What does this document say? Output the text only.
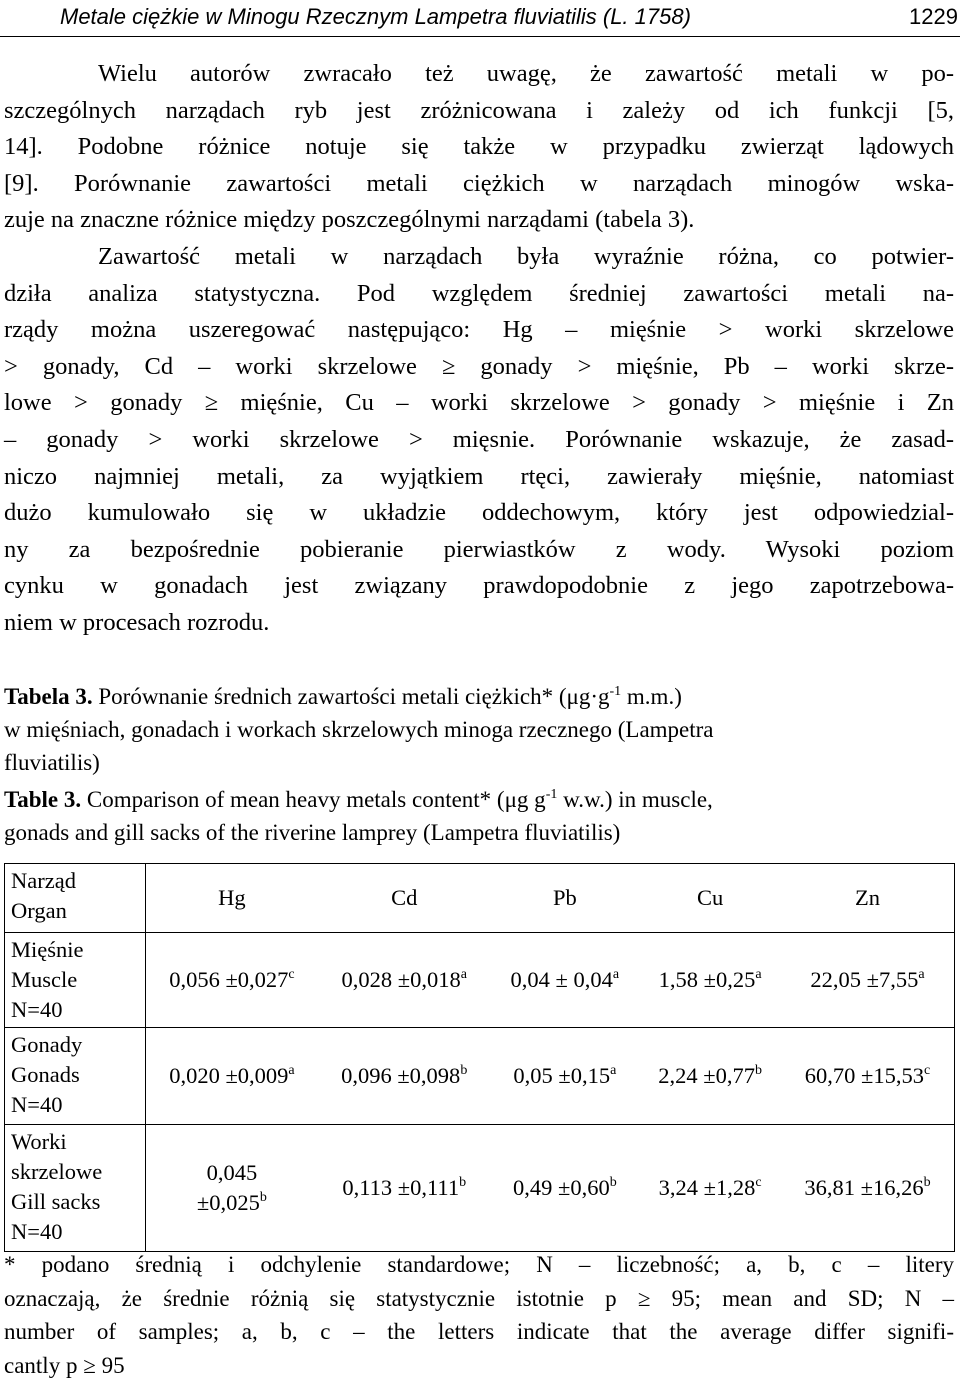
Metale ciężkie w Minogu Rzecznym Lampetra fluviatilis (L. 1758)	1229
Wielu autorów zwracało też uwagę, że zawartość metali w po-
szczególnych narządach ryb jest zróżnicowana i zależy od ich funkcji [5,
14]. Podobne różnice notuje się także w przypadku zwierząt lądowych
[9]. Porównanie zawartości metali ciężkich w narządach minogów wska-
zuje na znaczne różnice między poszczególnymi narządami (tabela 3).
Zawartość metali w narządach była wyraźnie różna, co potwier-
dziła analiza statystyczna. Pod względem średniej zawartości metali na-
rządy można uszeregować następująco: Hg – mięśnie > worki skrzelowe
> gonady, Cd – worki skrzelowe ≥ gonady > mięśnie, Pb – worki skrze-
lowe > gonady ≥ mięśnie, Cu – worki skrzelowe > gonady > mięśnie i Zn
– gonady > worki skrzelowe > mięsnie. Porównanie wskazuje, że zasad-
niczo najmniej metali, za wyjątkiem rtęci, zawierały mięśnie, natomiast
dużo kumulowało się w układzie oddechowym, który jest odpowiedzial-
ny za bezpośrednie pobieranie pierwiastków z wody. Wysoki poziom
cynku w gonadach jest związany prawdopodobnie z jego zapotrzebowa-
niem w procesach rozrodu.
Tabela 3. Porównanie średnich zawartości metali ciężkich* ($\mu g\cdot g^{-1}$ m.m.)
w mięśniach, gonadach i workach skrzelowych minoga rzecznego (Lampetra
fluviatilis)
Table 3. Comparison of mean heavy metals content* (μg $g^{-1}$ w.w.) in muscle,
gonads and gill sacks of the riverine lamprey (Lampetra fluviatilis)
Narząd
Organ	Hg	Cd	Pb	Cu	Zn
Mięśnie
Muscle
N=40	0,056 ±0,027$^c$	0,028 ±0,018$^a$	0,04 ± 0,04$^a$	1,58 ±0,25$^a$	22,05 ±7,55$^a$
Gonady
Gonads
N=40	0,020 ±0,009$^a$	0,096 ±0,098$^b$	0,05 ±0,15$^a$	2,24 ±0,77$^b$	60,70 ±15,53$^c$
Worki
skrzelowe
Gill sacks
N=40	0,045
±0,025$^b$	0,113 ±0,111$^b$	0,49 ±0,60$^b$	3,24 ±1,28$^c$	36,81 ±16,26$^b$
* podano średnią i odchylenie standardowe; N – liczebność; a, b, c – litery
oznaczają, że średnie różnią się statystycznie istotnie p ≥ 95; mean and SD; N –
number of samples; a, b, c – the letters indicate that the average differ signifi-
cantly p ≥ 95
